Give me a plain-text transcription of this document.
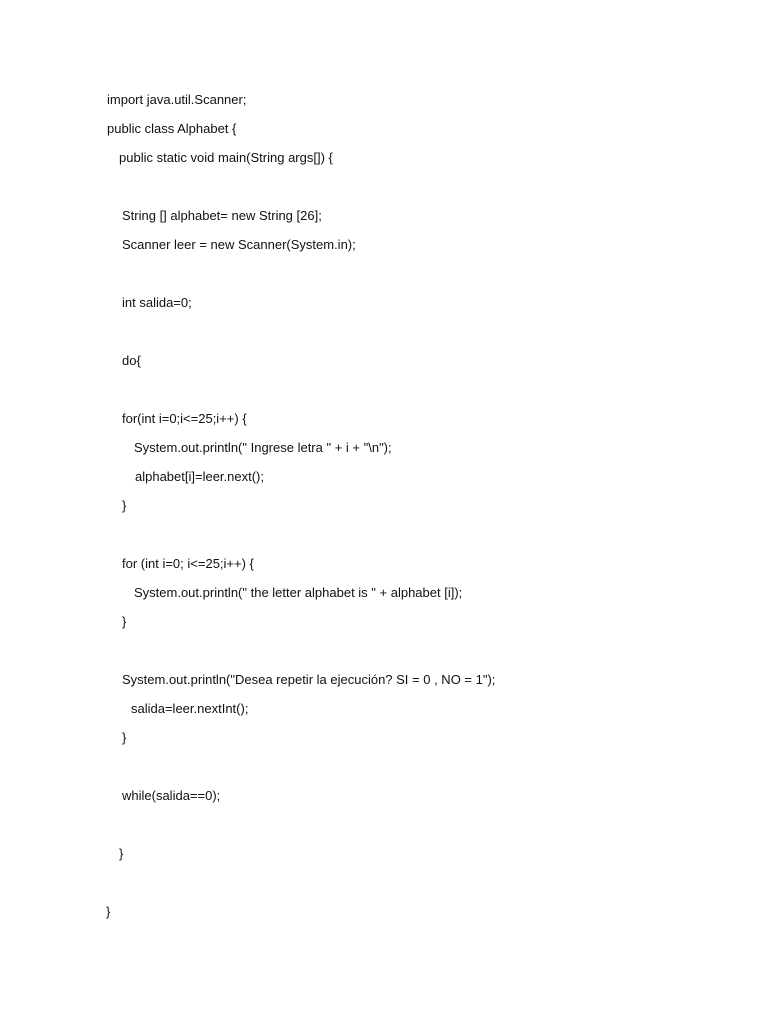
import java.util.Scanner;
public class Alphabet {
public static void main(String args[]) {
String [] alphabet= new String [26];
Scanner leer = new Scanner(System.in);
int salida=0;
do{
for(int i=0;i<=25;i++) {
System.out.println(" Ingrese letra " + i + "\n");
alphabet[i]=leer.next();
}
for (int i=0; i<=25;i++) {
System.out.println(" the letter alphabet is " + alphabet [i]);
}
System.out.println("Desea repetir la ejecución? SI = 0 , NO = 1");
salida=leer.nextInt();
}
while(salida==0);
}
}
